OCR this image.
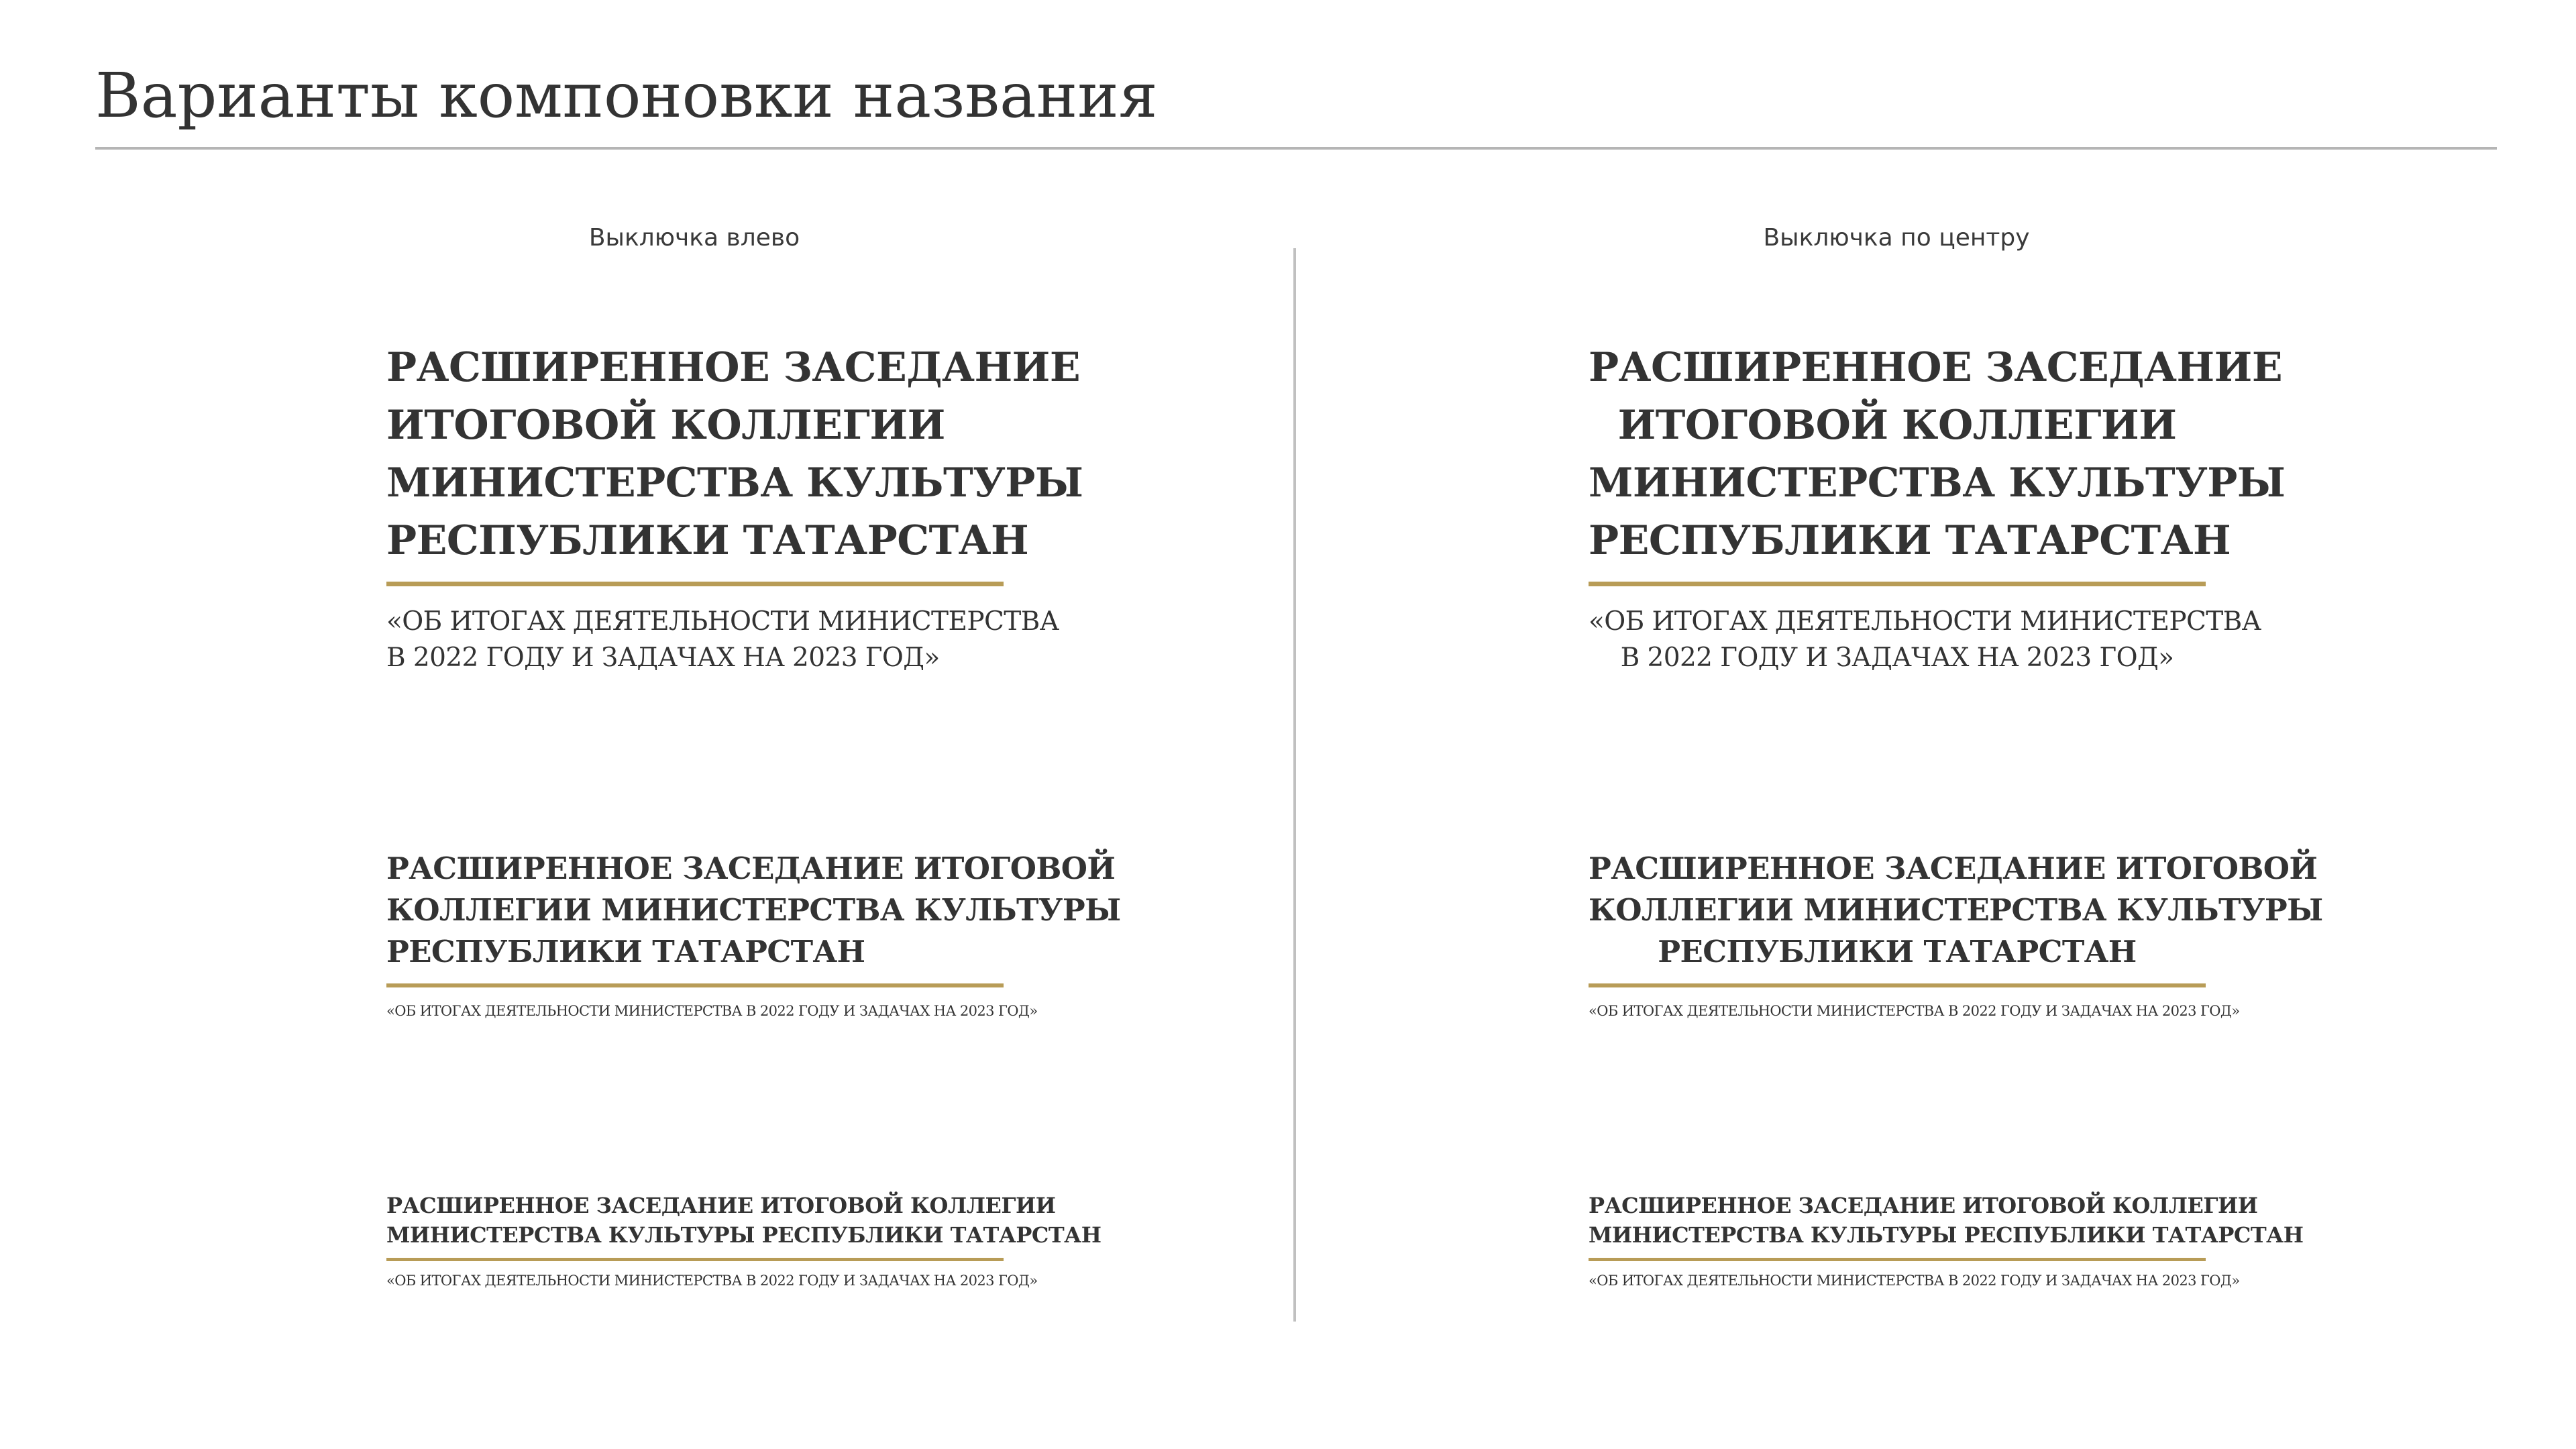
Варианты компоновки названия
Выключка влево
РАСШИРЕННОЕ ЗАСЕДАНИЕ
ИТОГОВОЙ КОЛЛЕГИИ
МИНИСТЕРСТВА КУЛЬТУРЫ
РЕСПУБЛИКИ ТАТАРСТАН
«ОБ ИТОГАХ ДЕЯТЕЛЬНОСТИ МИНИСТЕРСТВА
В 2022 ГОДУ И ЗАДАЧАХ НА 2023 ГОД»
РАСШИРЕННОЕ ЗАСЕДАНИЕ ИТОГОВОЙ
КОЛЛЕГИИ МИНИСТЕРСТВА КУЛЬТУРЫ
РЕСПУБЛИКИ ТАТАРСТАН
«ОБ ИТОГАХ ДЕЯТЕЛЬНОСТИ МИНИСТЕРСТВА В 2022 ГОДУ И ЗАДАЧАХ НА 2023 ГОД»
РАСШИРЕННОЕ ЗАСЕДАНИЕ ИТОГОВОЙ КОЛЛЕГИИ
МИНИСТЕРСТВА КУЛЬТУРЫ РЕСПУБЛИКИ ТАТАРСТАН
«ОБ ИТОГАХ ДЕЯТЕЛЬНОСТИ МИНИСТЕРСТВА В 2022 ГОДУ И ЗАДАЧАХ НА 2023 ГОД»
Выключка по центру
РАСШИРЕННОЕ ЗАСЕДАНИЕ
ИТОГОВОЙ КОЛЛЕГИИ
МИНИСТЕРСТВА КУЛЬТУРЫ
РЕСПУБЛИКИ ТАТАРСТАН
«ОБ ИТОГАХ ДЕЯТЕЛЬНОСТИ МИНИСТЕРСТВА
В 2022 ГОДУ И ЗАДАЧАХ НА 2023 ГОД»
РАСШИРЕННОЕ ЗАСЕДАНИЕ ИТОГОВОЙ
КОЛЛЕГИИ МИНИСТЕРСТВА КУЛЬТУРЫ
РЕСПУБЛИКИ ТАТАРСТАН
«ОБ ИТОГАХ ДЕЯТЕЛЬНОСТИ МИНИСТЕРСТВА В 2022 ГОДУ И ЗАДАЧАХ НА 2023 ГОД»
РАСШИРЕННОЕ ЗАСЕДАНИЕ ИТОГОВОЙ КОЛЛЕГИИ
МИНИСТЕРСТВА КУЛЬТУРЫ РЕСПУБЛИКИ ТАТАРСТАН
«ОБ ИТОГАХ ДЕЯТЕЛЬНОСТИ МИНИСТЕРСТВА В 2022 ГОДУ И ЗАДАЧАХ НА 2023 ГОД»
